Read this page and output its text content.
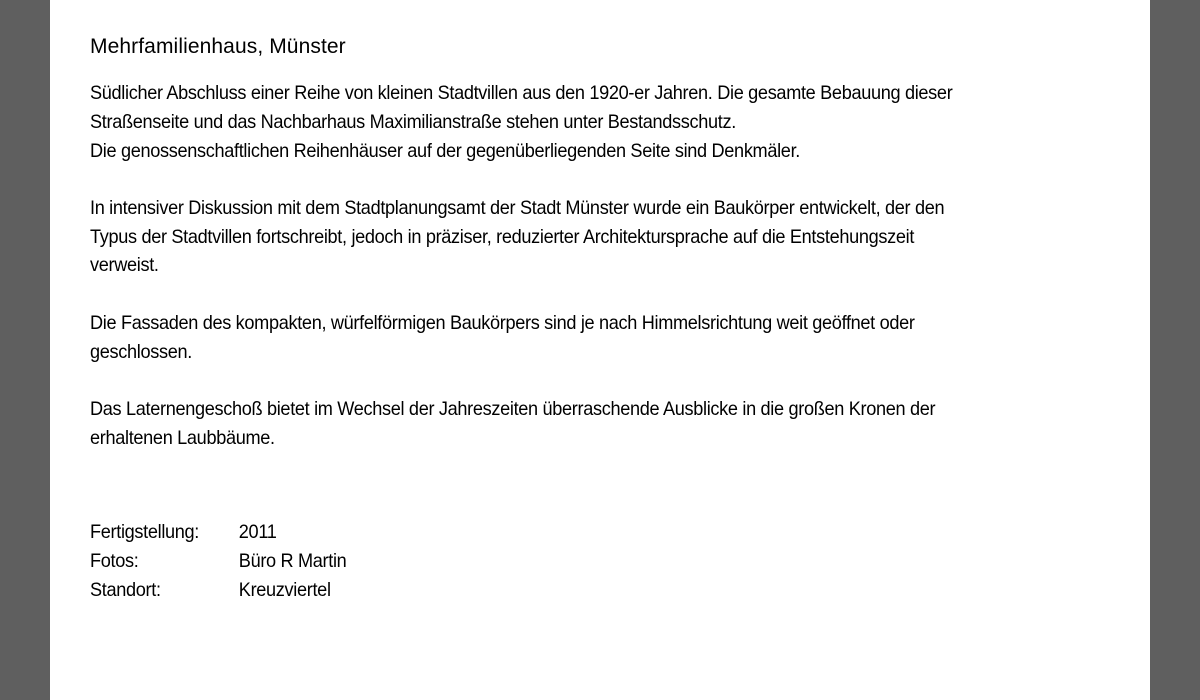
Mehrfamilienhaus, Münster

Südlicher Abschluss einer Reihe von kleinen Stadtvillen aus den 1920-er Jahren. Die gesamte Bebauung dieser
Straßenseite und das Nachbarhaus Maximilianstraße stehen unter Bestandsschutz.
Die genossenschaftlichen Reihenhäuser auf der gegenüberliegenden Seite sind Denkmäler.

In intensiver Diskussion mit dem Stadtplanungsamt der Stadt Münster wurde ein Baukörper entwickelt, der den
Typus der Stadtvillen fortschreibt, jedoch in präziser, reduzierter Architektursprache auf die Entstehungszeit
verweist.

Die Fassaden des kompakten, würfelförmigen Baukörpers sind je nach Himmelsrichtung weit geöffnet oder
geschlossen.

Das Laternengeschoß bietet im Wechsel der Jahreszeiten überraschende Ausblicke in die großen Kronen der
erhaltenen Laubbäume.

Fertigstellung:	2011
Fotos:	Büro R Martin
Standort:	Kreuzviertel
